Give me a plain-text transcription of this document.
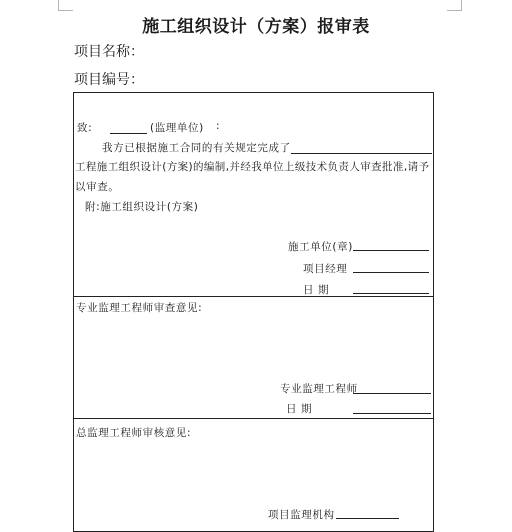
施工组织设计（方案）报审表
项目名称：
项目编号：
致:	(监理单位) :
我方已根据施工合同的有关规定完成了
工程施工组织设计(方案)的编制,并经我单位上级技术负责人审查批准,请予
以审查。
附:施工组织设计(方案)
施工单位(章)
项目经理
日 期
专业监理工程师审查意见:
专业监理工程师
日 期
总监理工程师审核意见:
项目监理机构
